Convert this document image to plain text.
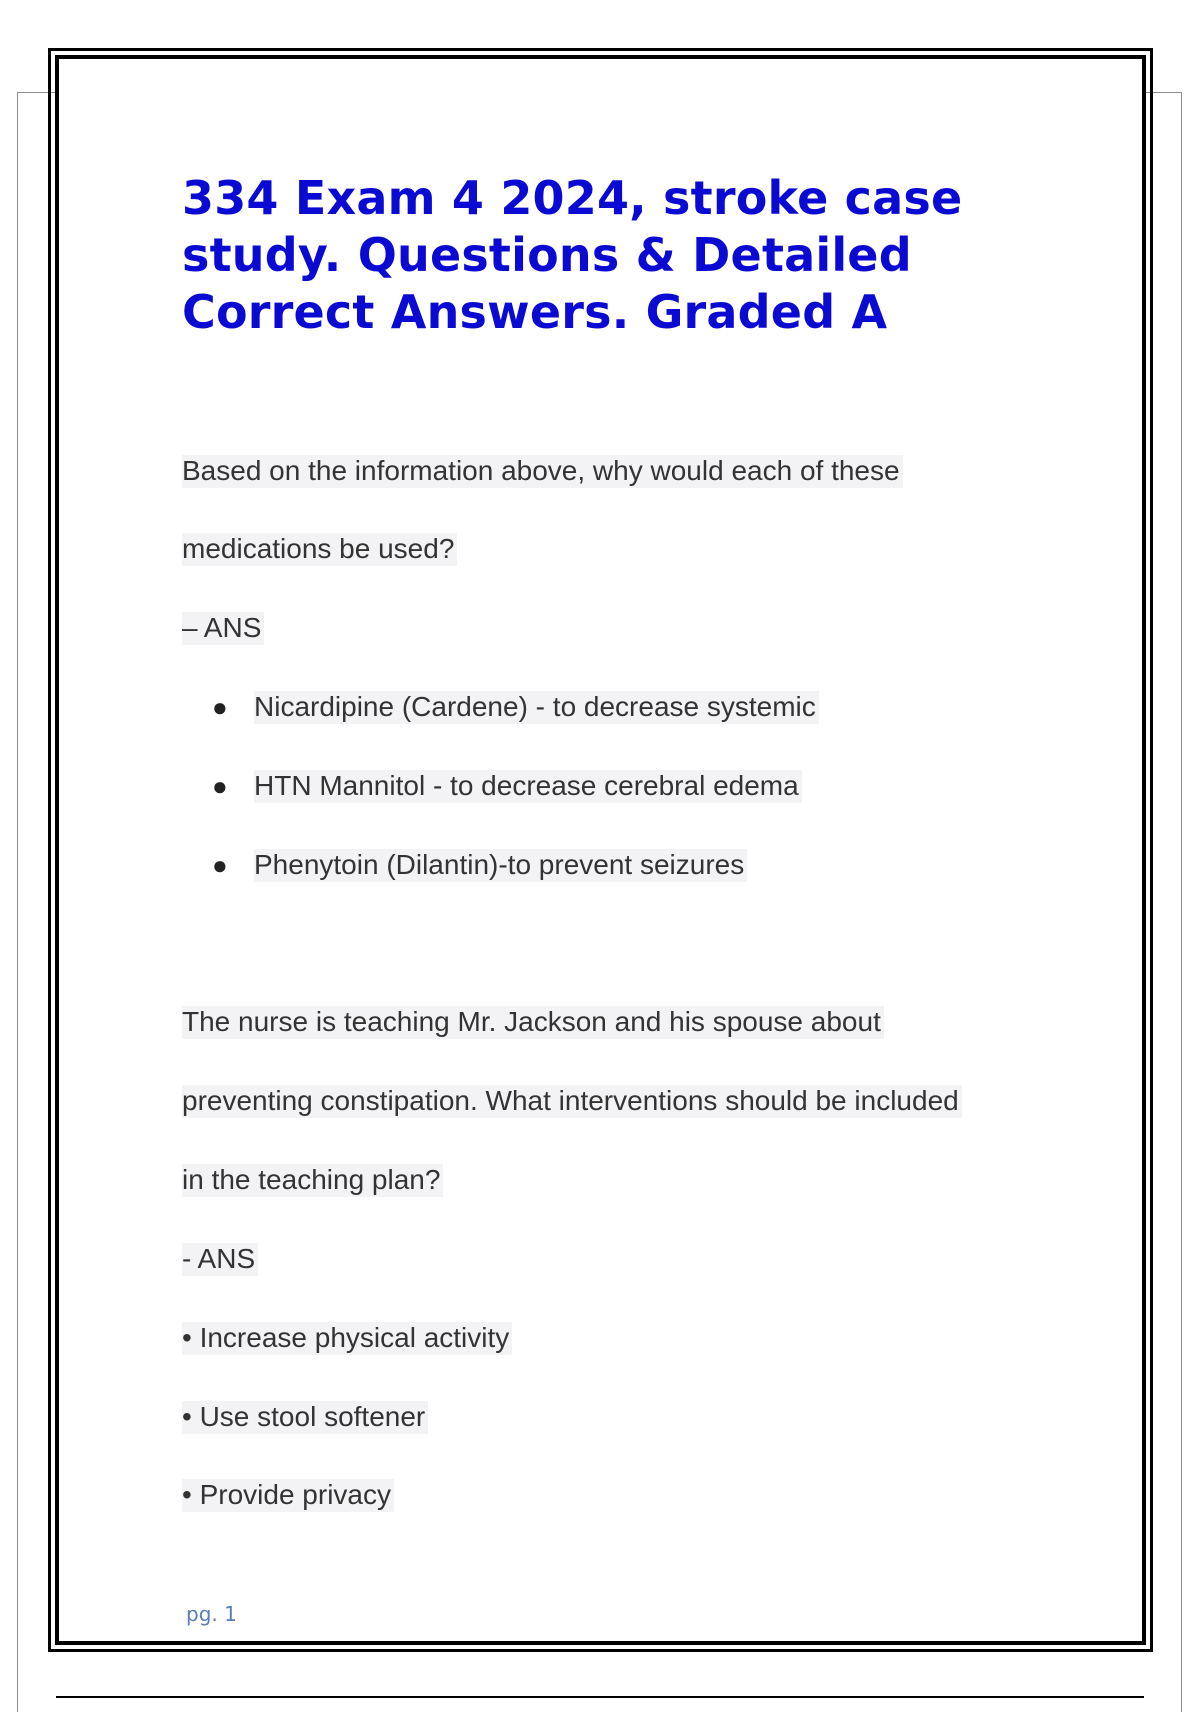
334 Exam 4 2024, stroke case study. Questions & Detailed Correct Answers. Graded A
Based on the information above, why would each of these
medications be used?
– ANS
● Nicardipine (Cardene) - to decrease systemic
● HTN Mannitol - to decrease cerebral edema
● Phenytoin (Dilantin)-to prevent seizures
The nurse is teaching Mr. Jackson and his spouse about
preventing constipation. What interventions should be included
in the teaching plan?
- ANS
• Increase physical activity
• Use stool softener
• Provide privacy
pg. 1
